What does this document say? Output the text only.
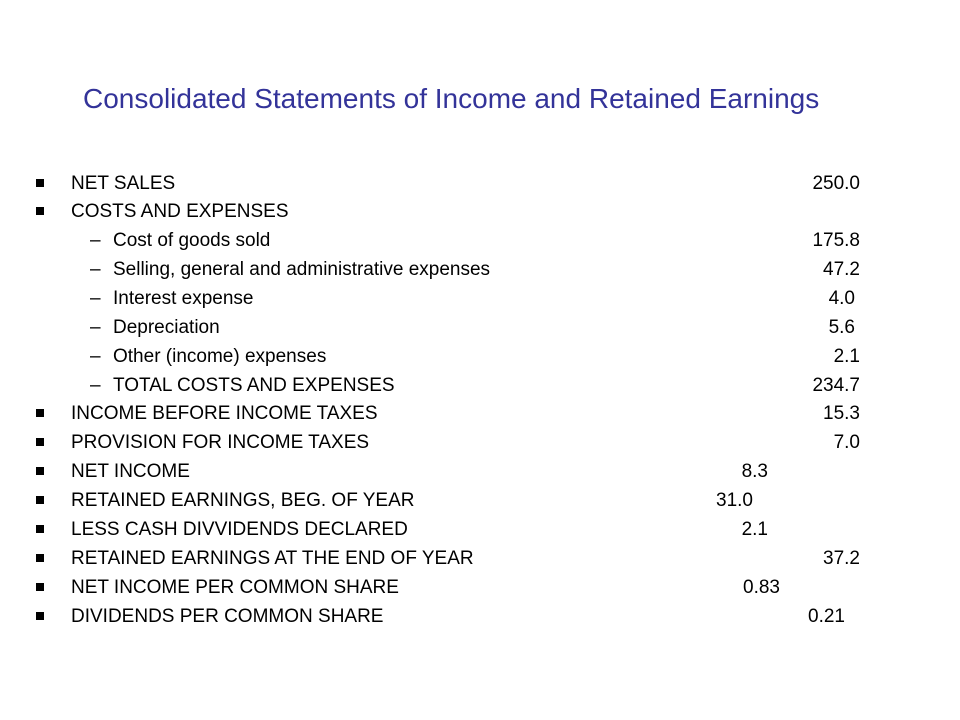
Consolidated Statements of Income and Retained Earnings
NET SALES	250.0
COSTS AND EXPENSES
– Cost of goods sold	175.8
– Selling, general and administrative expenses	47.2
– Interest expense	4.0
– Depreciation	5.6
– Other (income) expenses	2.1
– TOTAL COSTS AND EXPENSES	234.7
INCOME BEFORE INCOME TAXES	15.3
PROVISION FOR INCOME TAXES	7.0
NET INCOME	8.3
RETAINED EARNINGS, BEG. OF YEAR	31.0
LESS CASH DIVVIDENDS DECLARED	2.1
RETAINED EARNINGS AT THE END OF YEAR	37.2
NET INCOME PER COMMON SHARE	0.83
DIVIDENDS PER COMMON SHARE	0.21
